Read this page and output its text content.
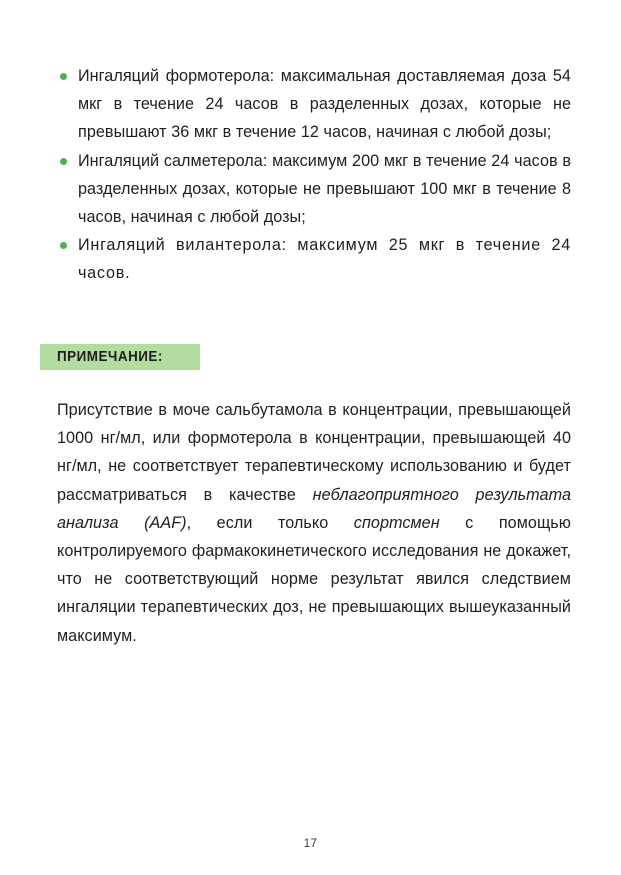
Ингаляций формотерола: максимальная доставляемая доза 54 мкг в течение 24 часов в разделенных дозах, которые не превышают 36 мкг в течение 12 часов, начиная с любой дозы;
Ингаляций салметерола: максимум 200 мкг в течение 24 часов в разделенных дозах, которые не превышают 100 мкг в течение 8 часов, начиная с любой дозы;
Ингаляций вилантерола: максимум 25 мкг в течение 24 часов.
ПРИМЕЧАНИЕ:

Присутствие в моче сальбутамола в концентрации, превышающей 1000 нг/мл, или формотерола в концентрации, превышающей 40 нг/мл, не соответствует терапевтическому использованию и будет рассматриваться в качестве неблагоприятного результата анализа (AAF), если только спортсмен с помощью контролируемого фармакокинетического исследования не докажет, что не соответствующий норме результат явился следствием ингаляции терапевтических доз, не превышающих вышеуказанный максимум.

17
